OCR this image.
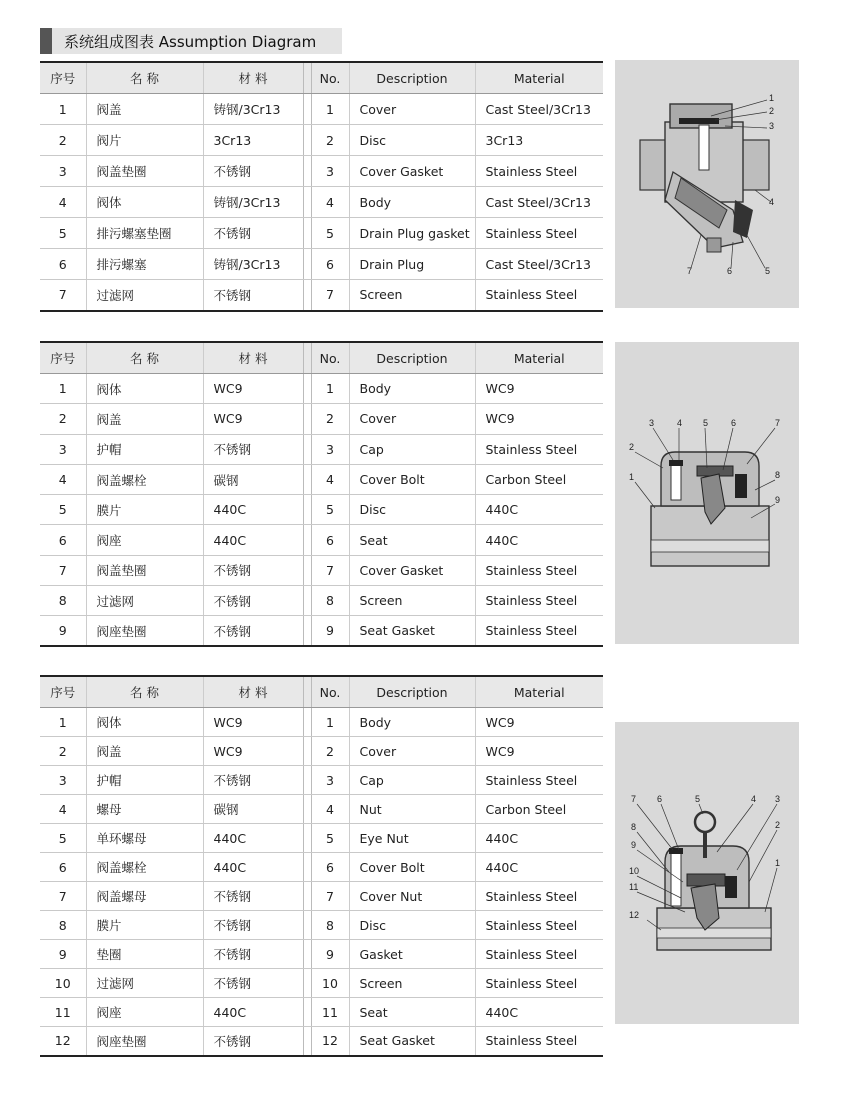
系统组成图表 Assumption Diagram
序号	名 称	材 料		No.	Description	Material
1	阀盖	铸钢/3Cr13		1	Cover	Cast Steel/3Cr13
2	阀片	3Cr13		2	Disc	3Cr13
3	阀盖垫圈	不锈钢		3	Cover Gasket	Stainless Steel
4	阀体	铸钢/3Cr13		4	Body	Cast Steel/3Cr13
5	排污螺塞垫圈	不锈钢		5	Drain Plug gasket	Stainless Steel
6	排污螺塞	铸钢/3Cr13		6	Drain Plug	Cast Steel/3Cr13
7	过滤网	不锈钢		7	Screen	Stainless Steel
序号	名 称	材 料		No.	Description	Material
1	阀体	WC9		1	Body	WC9
2	阀盖	WC9		2	Cover	WC9
3	护帽	不锈钢		3	Cap	Stainless Steel
4	阀盖螺栓	碳钢		4	Cover Bolt	Carbon Steel
5	膜片	440C		5	Disc	440C
6	阀座	440C		6	Seat	440C
7	阀盖垫圈	不锈钢		7	Cover Gasket	Stainless Steel
8	过滤网	不锈钢		8	Screen	Stainless Steel
9	阀座垫圈	不锈钢		9	Seat Gasket	Stainless Steel
序号	名 称	材 料		No.	Description	Material
1	阀体	WC9		1	Body	WC9
2	阀盖	WC9		2	Cover	WC9
3	护帽	不锈钢		3	Cap	Stainless Steel
4	螺母	碳钢		4	Nut	Carbon Steel
5	单环螺母	440C		5	Eye Nut	440C
6	阀盖螺栓	440C		6	Cover Bolt	440C
7	阀盖螺母	不锈钢		7	Cover Nut	Stainless Steel
8	膜片	不锈钢		8	Disc	Stainless Steel
9	垫圈	不锈钢		9	Gasket	Stainless Steel
10	过滤网	不锈钢		10	Screen	Stainless Steel
11	阀座	440C		11	Seat	440C
12	阀座垫圈	不锈钢		12	Seat Gasket	Stainless Steel
1
2
3
4
7	6	5
3	4 5	6	7
2
1	8
9
7 6	5	4 3
2
8
9
10
11
1
12
